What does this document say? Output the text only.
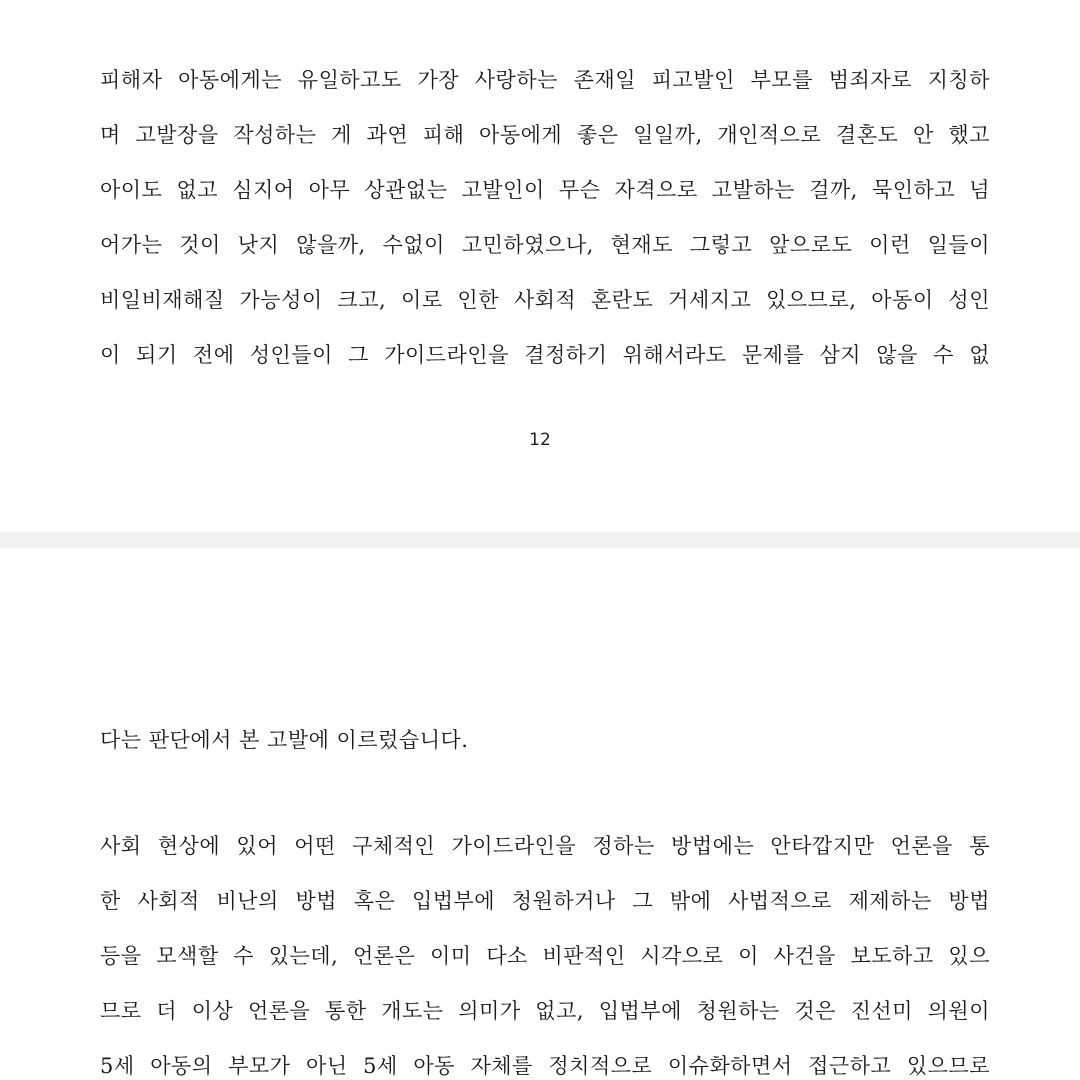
피해자 아동에게는 유일하고도 가장 사랑하는 존재일 피고발인 부모를 범죄자로 지칭하

며 고발장을 작성하는 게 과연 피해 아동에게 좋은 일일까, 개인적으로 결혼도 안 했고

아이도 없고 심지어 아무 상관없는 고발인이 무슨 자격으로 고발하는 걸까, 묵인하고 넘

어가는 것이 낫지 않을까, 수없이 고민하였으나, 현재도 그렇고 앞으로도 이런 일들이

비일비재해질 가능성이 크고, 이로 인한 사회적 혼란도 거세지고 있으므로, 아동이 성인

이 되기 전에 성인들이 그 가이드라인을 결정하기 위해서라도 문제를 삼지 않을 수 없

12

다는 판단에서 본 고발에 이르렀습니다.

사회 현상에 있어 어떤 구체적인 가이드라인을 정하는 방법에는 안타깝지만 언론을 통

한 사회적 비난의 방법 혹은 입법부에 청원하거나 그 밖에 사법적으로 제제하는 방법

등을 모색할 수 있는데, 언론은 이미 다소 비판적인 시각으로 이 사건을 보도하고 있으

므로 더 이상 언론을 통한 개도는 의미가 없고, 입법부에 청원하는 것은 진선미 의원이

5세 아동의 부모가 아닌 5세 아동 자체를 정치적으로 이슈화하면서 접근하고 있으므로
